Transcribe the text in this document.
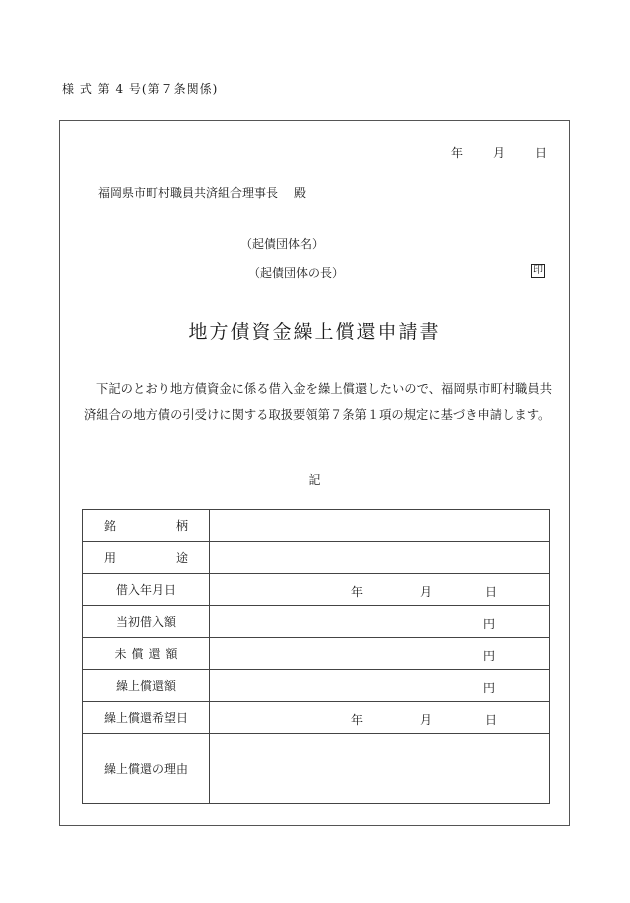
様 式 第 4 号(第７条関係)
年	月	日
福岡県市町村職員共済組合理事長 殿
（起債団体名）
（起債団体の長）	印
地方債資金繰上償還申請書
下記のとおり地方債資金に係る借入金を繰上償還したいので、福岡県市町村職員共済組合の地方債の引受けに関する取扱要領第７条第１項の規定に基づき申請します。
記
銘　柄	
用　途	
借入年月日	年 月 日

当初借入額	円

未償還額	円

繰上償還額	円

繰上償還希望日	年 月 日

繰上償還の理由	
